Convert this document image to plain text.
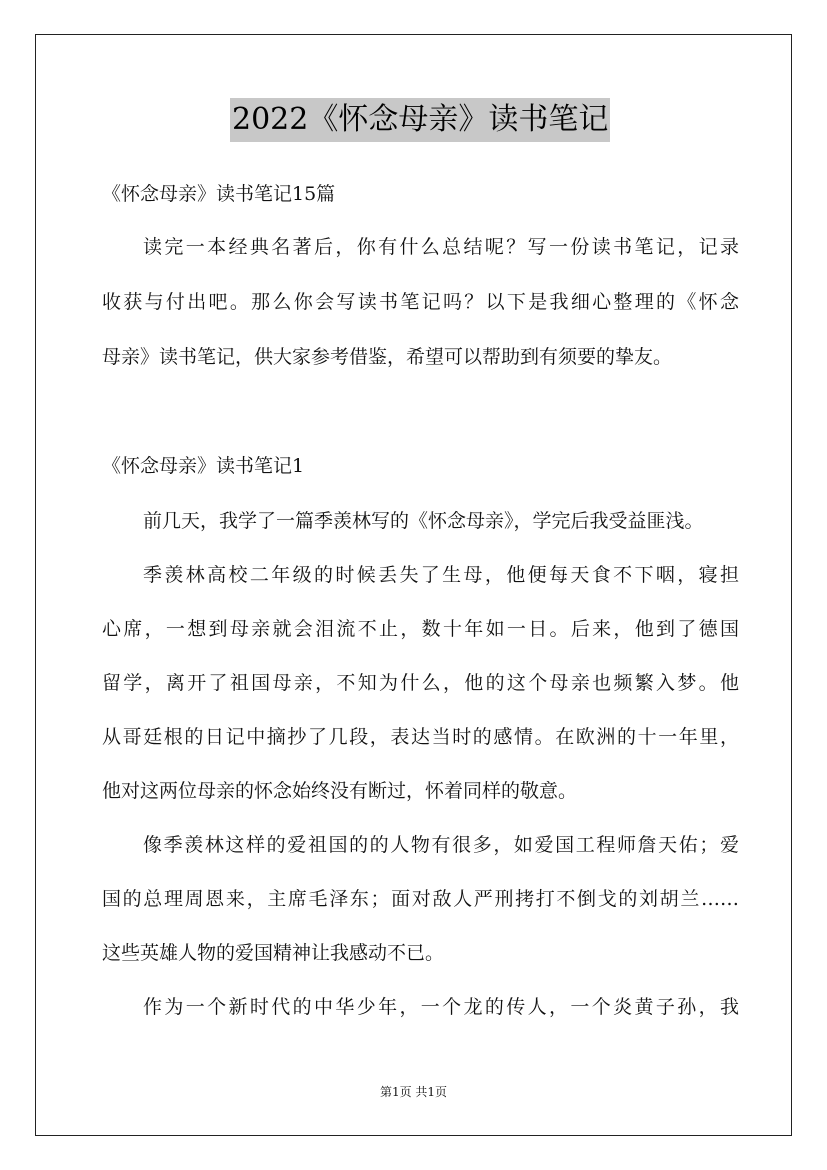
2022《怀念母亲》读书笔记
《怀念母亲》读书笔记15篇
读完一本经典名著后，你有什么总结呢？写一份读书笔记，记录
收获与付出吧。那么你会写读书笔记吗？以下是我细心整理的《怀念
母亲》读书笔记，供大家参考借鉴，希望可以帮助到有须要的挚友。
《怀念母亲》读书笔记1
前几天，我学了一篇季羡林写的《怀念母亲》，学完后我受益匪浅。
季羡林高校二年级的时候丢失了生母，他便每天食不下咽，寝担
心席，一想到母亲就会泪流不止，数十年如一日。后来，他到了德国
留学，离开了祖国母亲，不知为什么，他的这个母亲也频繁入梦。他
从哥廷根的日记中摘抄了几段，表达当时的感情。在欧洲的十一年里，
他对这两位母亲的怀念始终没有断过，怀着同样的敬意。
像季羡林这样的爱祖国的的人物有很多，如爱国工程师詹天佑；爱
国的总理周恩来，主席毛泽东；面对敌人严刑拷打不倒戈的刘胡兰……
这些英雄人物的爱国精神让我感动不已。
作为一个新时代的中华少年，一个龙的传人，一个炎黄子孙，我
第1页 共1页
